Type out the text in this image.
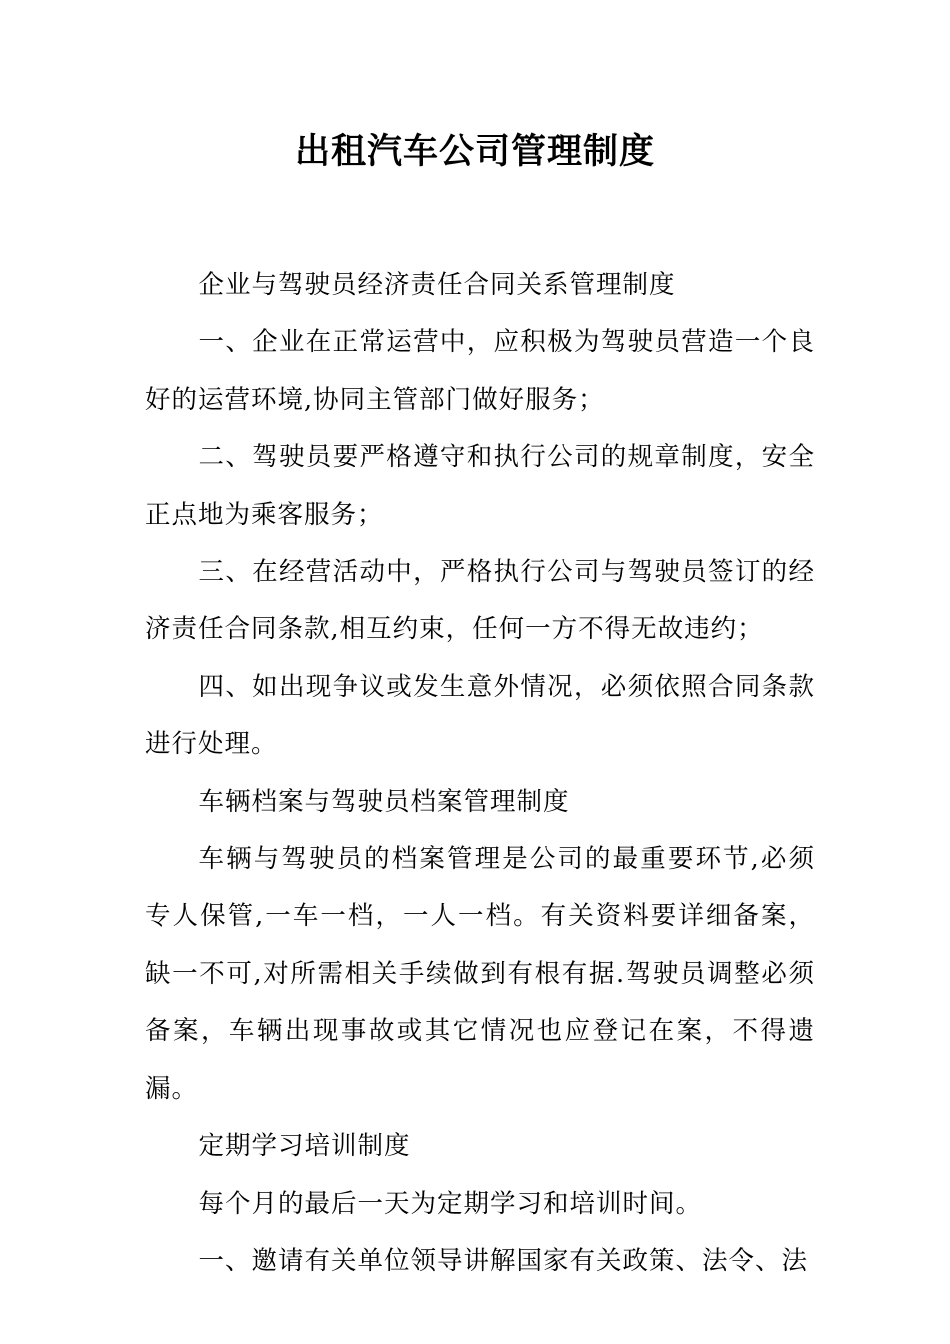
出租汽车公司管理制度

企业与驾驶员经济责任合同关系管理制度

一、企业在正常运营中，应积极为驾驶员营造一个良好的运营环境,协同主管部门做好服务；

二、驾驶员要严格遵守和执行公司的规章制度，安全正点地为乘客服务；

三、在经营活动中，严格执行公司与驾驶员签订的经济责任合同条款,相互约束，任何一方不得无故违约；

四、如出现争议或发生意外情况，必须依照合同条款进行处理。

车辆档案与驾驶员档案管理制度

车辆与驾驶员的档案管理是公司的最重要环节,必须专人保管,一车一档，一人一档。有关资料要详细备案，缺一不可,对所需相关手续做到有根有据.驾驶员调整必须备案，车辆出现事故或其它情况也应登记在案，不得遗漏。

定期学习培训制度

每个月的最后一天为定期学习和培训时间。

一、邀请有关单位领导讲解国家有关政策、法令、法
